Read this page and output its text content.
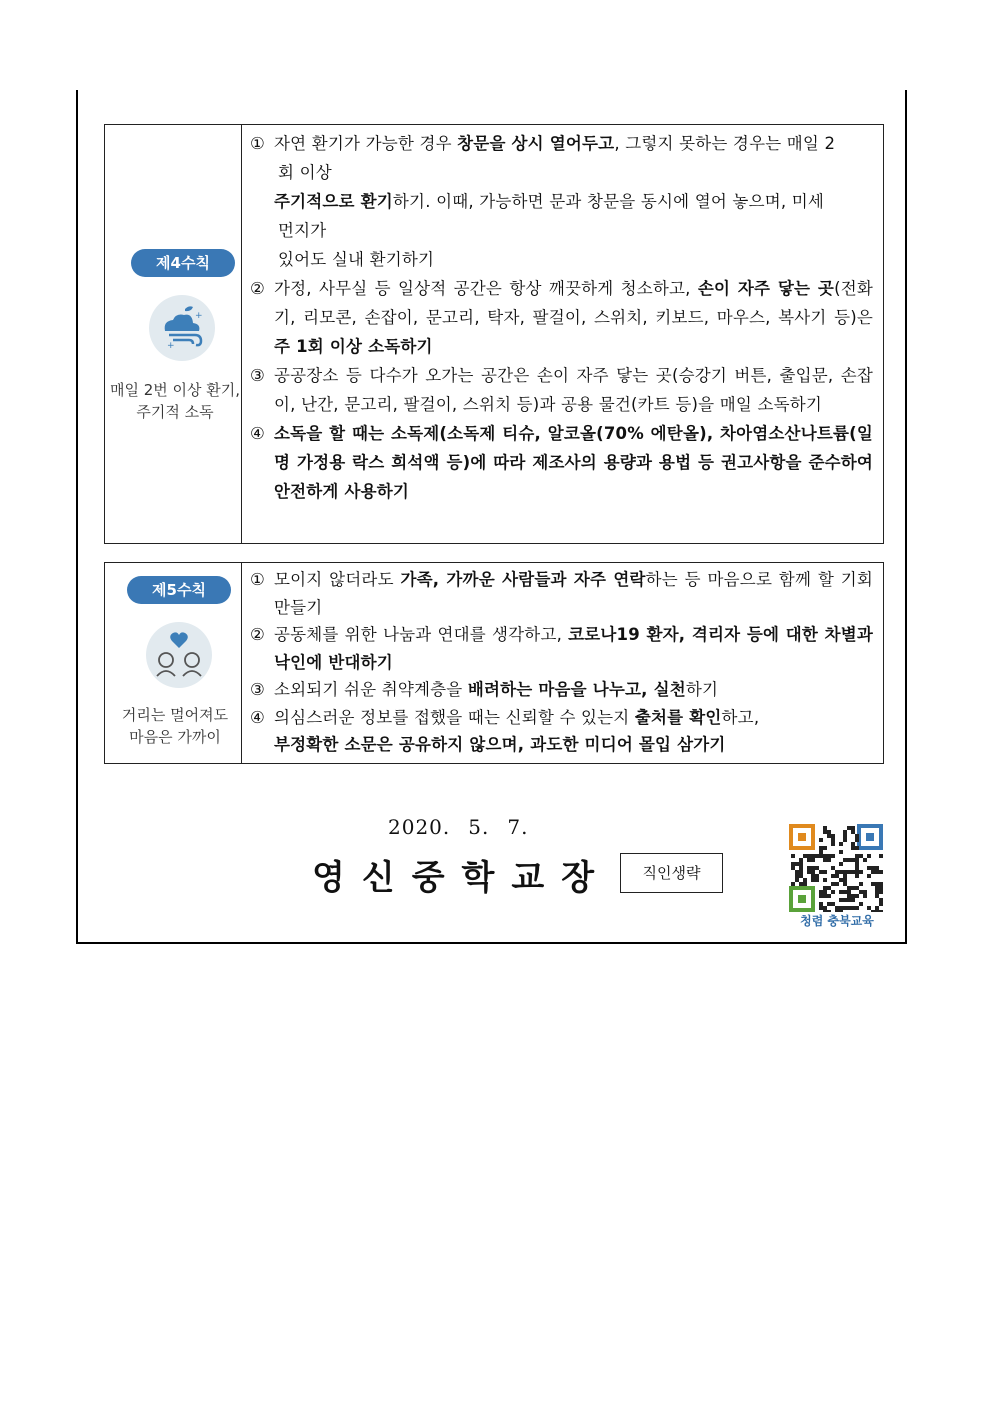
제4수칙
+
+
매일 2번 이상 환기,
주기적 소독
① 자연 환기가 가능한 경우 창문을 상시 열어두고, 그렇지 못하는 경우는 매일 2
회 이상
주기적으로 환기하기. 이때, 가능하면 문과 창문을 동시에 열어 놓으며, 미세
먼지가
있어도 실내 환기하기
② 가정, 사무실 등 일상적 공간은 항상 깨끗하게 청소하고, 손이 자주 닿는 곳(전화기, 리모콘, 손잡이, 문고리, 탁자, 팔걸이, 스위치, 키보드, 마우스, 복사기 등)은 주 1회 이상 소독하기
③ 공공장소 등 다수가 오가는 공간은 손이 자주 닿는 곳(승강기 버튼, 출입문, 손잡이, 난간, 문고리, 팔걸이, 스위치 등)과 공용 물건(카트 등)을 매일 소독하기
④ 소독을 할 때는 소독제(소독제 티슈, 알코올(70% 에탄올), 차아염소산나트륨(일명 가정용 락스 희석액 등)에 따라 제조사의 용량과 용법 등 권고사항을 준수하여 안전하게 사용하기
제5수칙
거리는 멀어져도
마음은 가까이
① 모이지 않더라도 가족, 가까운 사람들과 자주 연락하는 등 마음으로 함께 할 기회 만들기
② 공동체를 위한 나눔과 연대를 생각하고, 코로나19 환자, 격리자 등에 대한 차별과 낙인에 반대하기
③ 소외되기 쉬운 취약계층을 배려하는 마음을 나누고, 실천하기
④ 의심스러운 정보를 접했을 때는 신뢰할 수 있는지 출처를 확인하고,
부정확한 소문은 공유하지 않으며, 과도한 미디어 몰입 삼가기
2020. 5. 7.
영신중학교장	직인생략
청렴 충북교육
